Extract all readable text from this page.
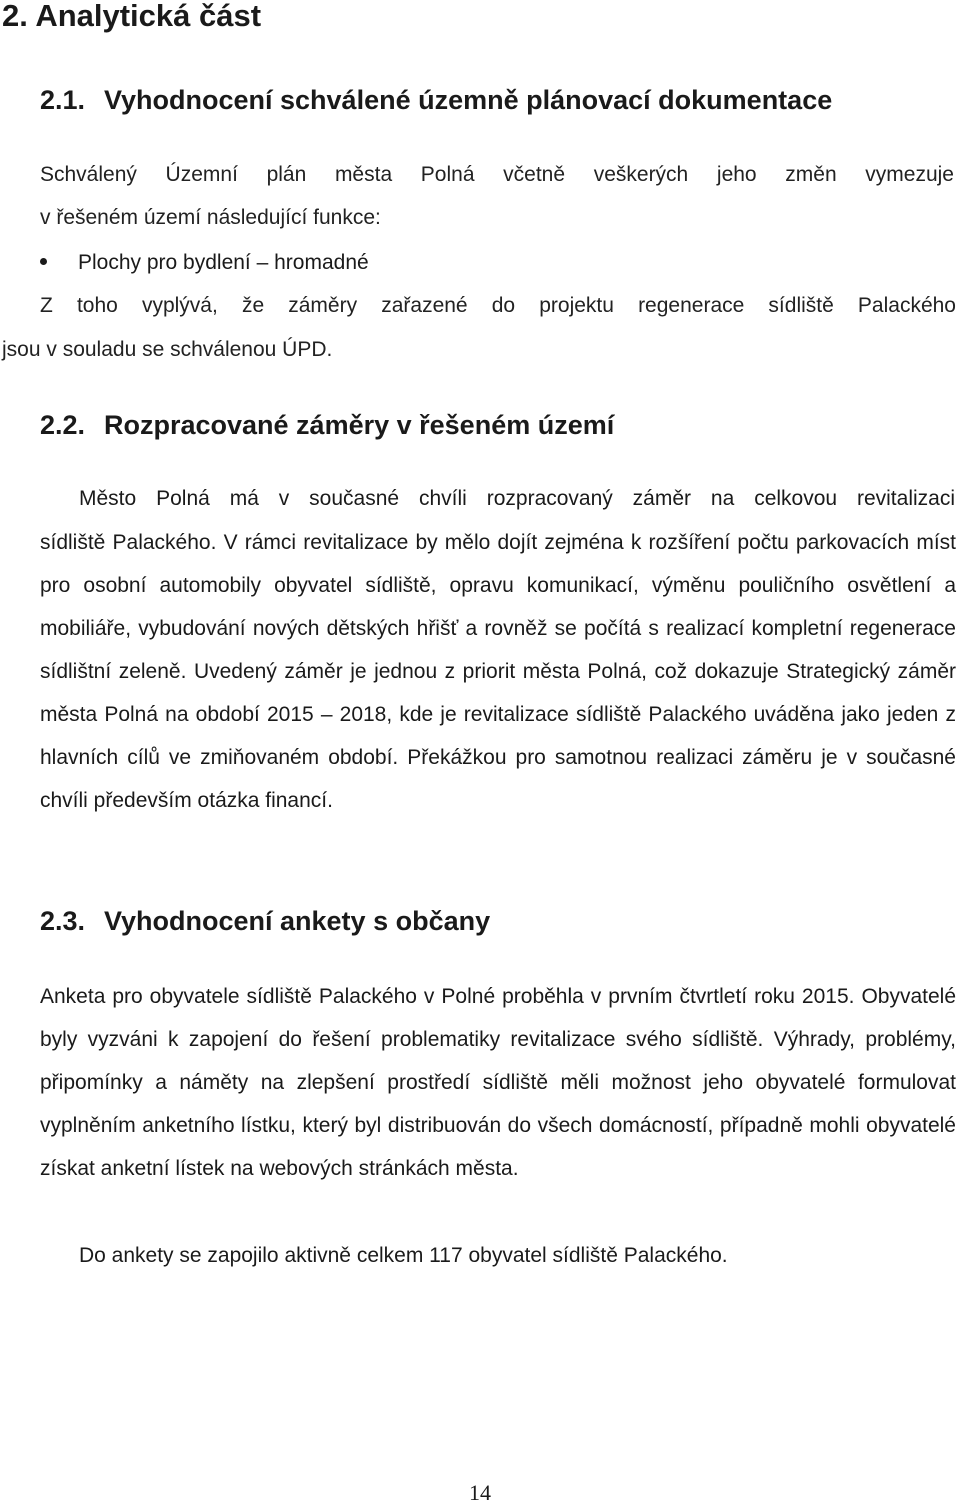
2. Analytická část
2.1. Vyhodnocení schválené územně plánovací dokumentace

Schválený Územní plán města Polná včetně veškerých jeho změn vymezuje

v řešeném území následující funkce:

Plochy pro bydlení – hromadné

Z toho vyplývá, že záměry zařazené do projektu regenerace sídliště Palackého

jsou v souladu se schválenou ÚPD.

2.2. Rozpracované záměry v řešeném území

Město Polná má v současné chvíli rozpracovaný záměr na celkovou revitalizaci

sídliště Palackého. V rámci revitalizace by mělo dojít zejména k rozšíření počtu parkovacích míst pro osobní automobily obyvatel sídliště, opravu komunikací, výměnu pouličního osvětlení a mobiliáře, vybudování nových dětských hřišť a rovněž se počítá s realizací kompletní regenerace sídlištní zeleně. Uvedený záměr je jednou z priorit města Polná, což dokazuje Strategický záměr města Polná na období 2015 – 2018, kde je revitalizace sídliště Palackého uváděna jako jeden z hlavních cílů ve zmiňovaném období. Překážkou pro samotnou realizaci záměru je v současné chvíli především otázka financí.

2.3. Vyhodnocení ankety s občany

Anketa pro obyvatele sídliště Palackého v Polné proběhla v prvním čtvrtletí roku 2015. Obyvatelé byly vyzváni k zapojení do řešení problematiky revitalizace svého sídliště. Výhrady, problémy, připomínky a náměty na zlepšení prostředí sídliště měli možnost jeho obyvatelé formulovat vyplněním anketního lístku, který byl distribuován do všech domácností, případně mohli obyvatelé získat anketní lístek na webových stránkách města.

Do ankety se zapojilo aktivně celkem 117 obyvatel sídliště Palackého.

14
